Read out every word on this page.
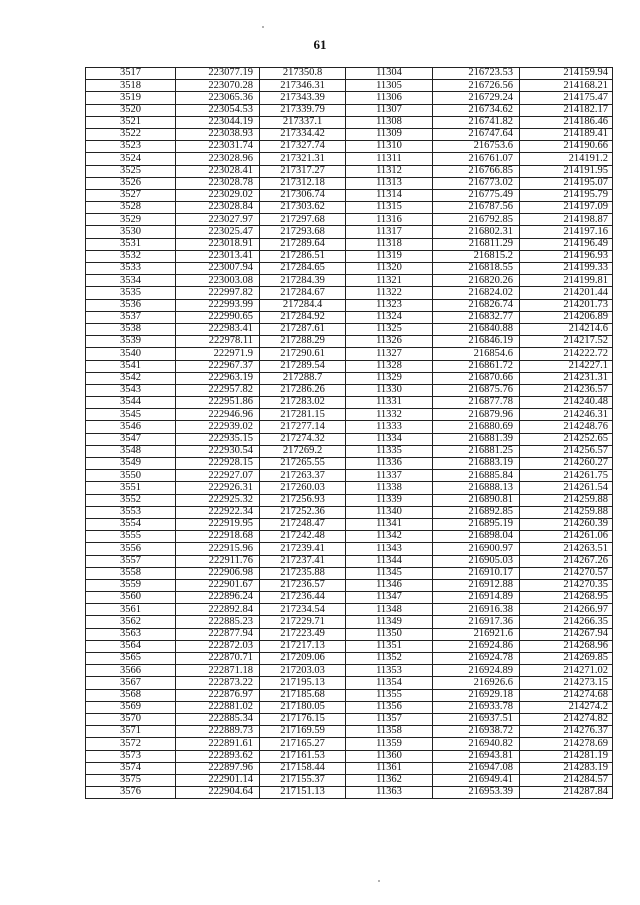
61
3517	223077.19	217350.8	11304	216723.53	214159.94
3518	223070.28	217346.31	11305	216726.56	214168.21
3519	223065.36	217343.39	11306	216729.24	214175.47
3520	223054.53	217339.79	11307	216734.62	214182.17
3521	223044.19	217337.1	11308	216741.82	214186.46
3522	223038.93	217334.42	11309	216747.64	214189.41
3523	223031.74	217327.74	11310	216753.6	214190.66
3524	223028.96	217321.31	11311	216761.07	214191.2
3525	223028.41	217317.27	11312	216766.85	214191.95
3526	223028.78	217312.18	11313	216773.02	214195.07
3527	223029.02	217306.74	11314	216775.49	214195.79
3528	223028.84	217303.62	11315	216787.56	214197.09
3529	223027.97	217297.68	11316	216792.85	214198.87
3530	223025.47	217293.68	11317	216802.31	214197.16
3531	223018.91	217289.64	11318	216811.29	214196.49
3532	223013.41	217286.51	11319	216815.2	214196.93
3533	223007.94	217284.65	11320	216818.55	214199.33
3534	223003.08	217284.39	11321	216820.26	214199.81
3535	222997.82	217284.67	11322	216824.02	214201.44
3536	222993.99	217284.4	11323	216826.74	214201.73
3537	222990.65	217284.92	11324	216832.77	214206.89
3538	222983.41	217287.61	11325	216840.88	214214.6
3539	222978.11	217288.29	11326	216846.19	214217.52
3540	222971.9	217290.61	11327	216854.6	214222.72
3541	222967.37	217289.54	11328	216861.72	214227.1
3542	222963.19	217288.7	11329	216870.66	214231.31
3543	222957.82	217286.26	11330	216875.76	214236.57
3544	222951.86	217283.02	11331	216877.78	214240.48
3545	222946.96	217281.15	11332	216879.96	214246.31
3546	222939.02	217277.14	11333	216880.69	214248.76
3547	222935.15	217274.32	11334	216881.39	214252.65
3548	222930.54	217269.2	11335	216881.25	214256.57
3549	222928.15	217265.55	11336	216883.19	214260.27
3550	222927.07	217263.37	11337	216885.84	214261.75
3551	222926.31	217260.03	11338	216888.13	214261.54
3552	222925.32	217256.93	11339	216890.81	214259.88
3553	222922.34	217252.36	11340	216892.85	214259.88
3554	222919.95	217248.47	11341	216895.19	214260.39
3555	222918.68	217242.48	11342	216898.04	214261.06
3556	222915.96	217239.41	11343	216900.97	214263.51
3557	222911.76	217237.41	11344	216905.03	214267.26
3558	222906.98	217235.88	11345	216910.17	214270.57
3559	222901.67	217236.57	11346	216912.88	214270.35
3560	222896.24	217236.44	11347	216914.89	214268.95
3561	222892.84	217234.54	11348	216916.38	214266.97
3562	222885.23	217229.71	11349	216917.36	214266.35
3563	222877.94	217223.49	11350	216921.6	214267.94
3564	222872.03	217217.13	11351	216924.86	214268.96
3565	222870.71	217209.06	11352	216924.78	214269.85
3566	222871.18	217203.03	11353	216924.89	214271.02
3567	222873.22	217195.13	11354	216926.6	214273.15
3568	222876.97	217185.68	11355	216929.18	214274.68
3569	222881.02	217180.05	11356	216933.78	214274.2
3570	222885.34	217176.15	11357	216937.51	214274.82
3571	222889.73	217169.59	11358	216938.72	214276.37
3572	222891.61	217165.27	11359	216940.82	214278.69
3573	222893.62	217161.53	11360	216943.81	214281.19
3574	222897.96	217158.44	11361	216947.08	214283.19
3575	222901.14	217155.37	11362	216949.41	214284.57
3576	222904.64	217151.13	11363	216953.39	214287.84
